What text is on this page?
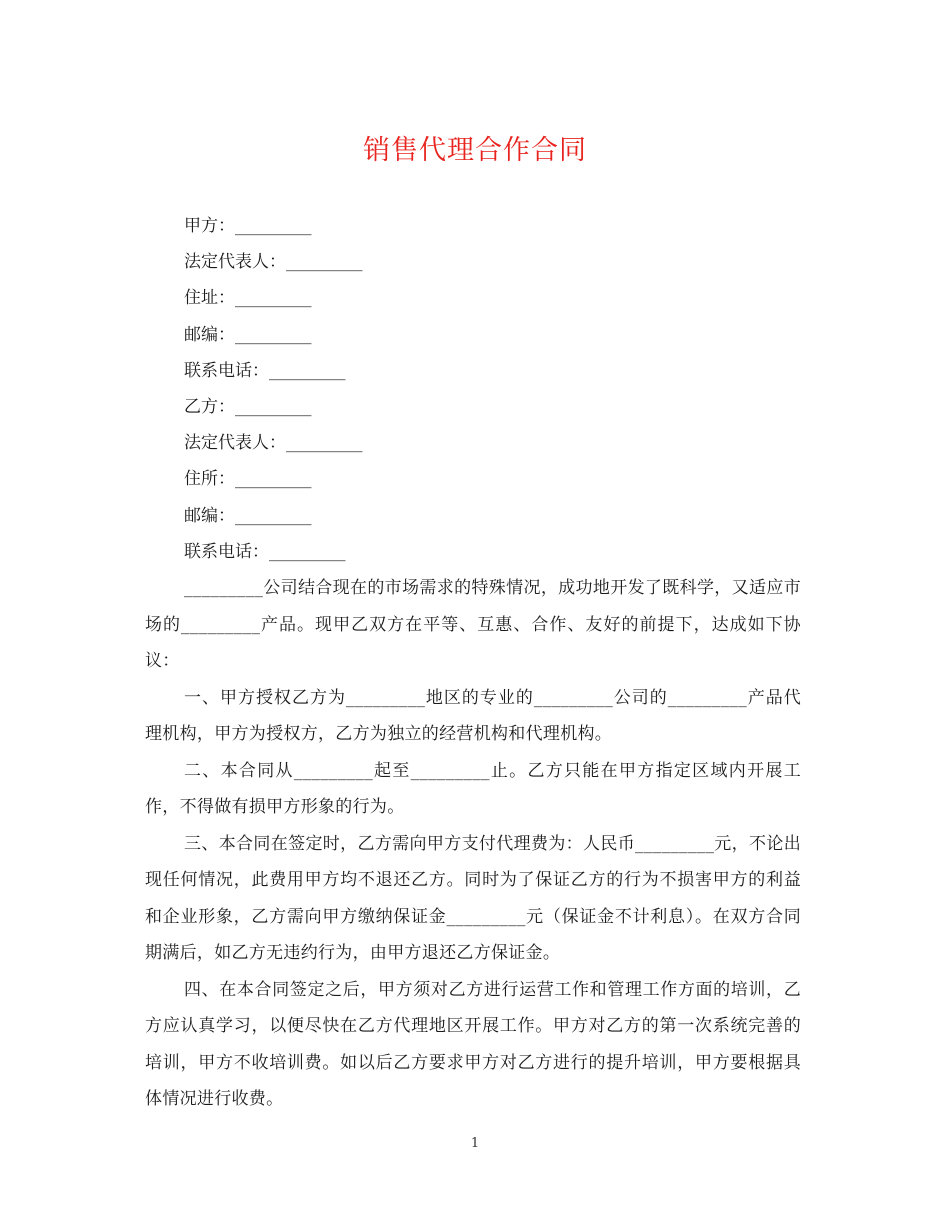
销售代理合作合同
甲方：_________
法定代表人：_________
住址：_________
邮编：_________
联系电话：_________
乙方：_________
法定代表人：_________
住所：_________
邮编：_________
联系电话：_________

_________公司结合现在的市场需求的特殊情况，成功地开发了既科学，又适应市场的_________产品。现甲乙双方在平等、互惠、合作、友好的前提下，达成如下协议：

一、甲方授权乙方为_________地区的专业的_________公司的_________产品代理机构，甲方为授权方，乙方为独立的经营机构和代理机构。

二、本合同从_________起至_________止。乙方只能在甲方指定区域内开展工作，不得做有损甲方形象的行为。

三、本合同在签定时，乙方需向甲方支付代理费为：人民币_________元，不论出现任何情况，此费用甲方均不退还乙方。同时为了保证乙方的行为不损害甲方的利益和企业形象，乙方需向甲方缴纳保证金_________元（保证金不计利息）。在双方合同期满后，如乙方无违约行为，由甲方退还乙方保证金。

四、在本合同签定之后，甲方须对乙方进行运营工作和管理工作方面的培训，乙方应认真学习，以便尽快在乙方代理地区开展工作。甲方对乙方的第一次系统完善的培训，甲方不收培训费。如以后乙方要求甲方对乙方进行的提升培训，甲方要根据具体情况进行收费。

1
